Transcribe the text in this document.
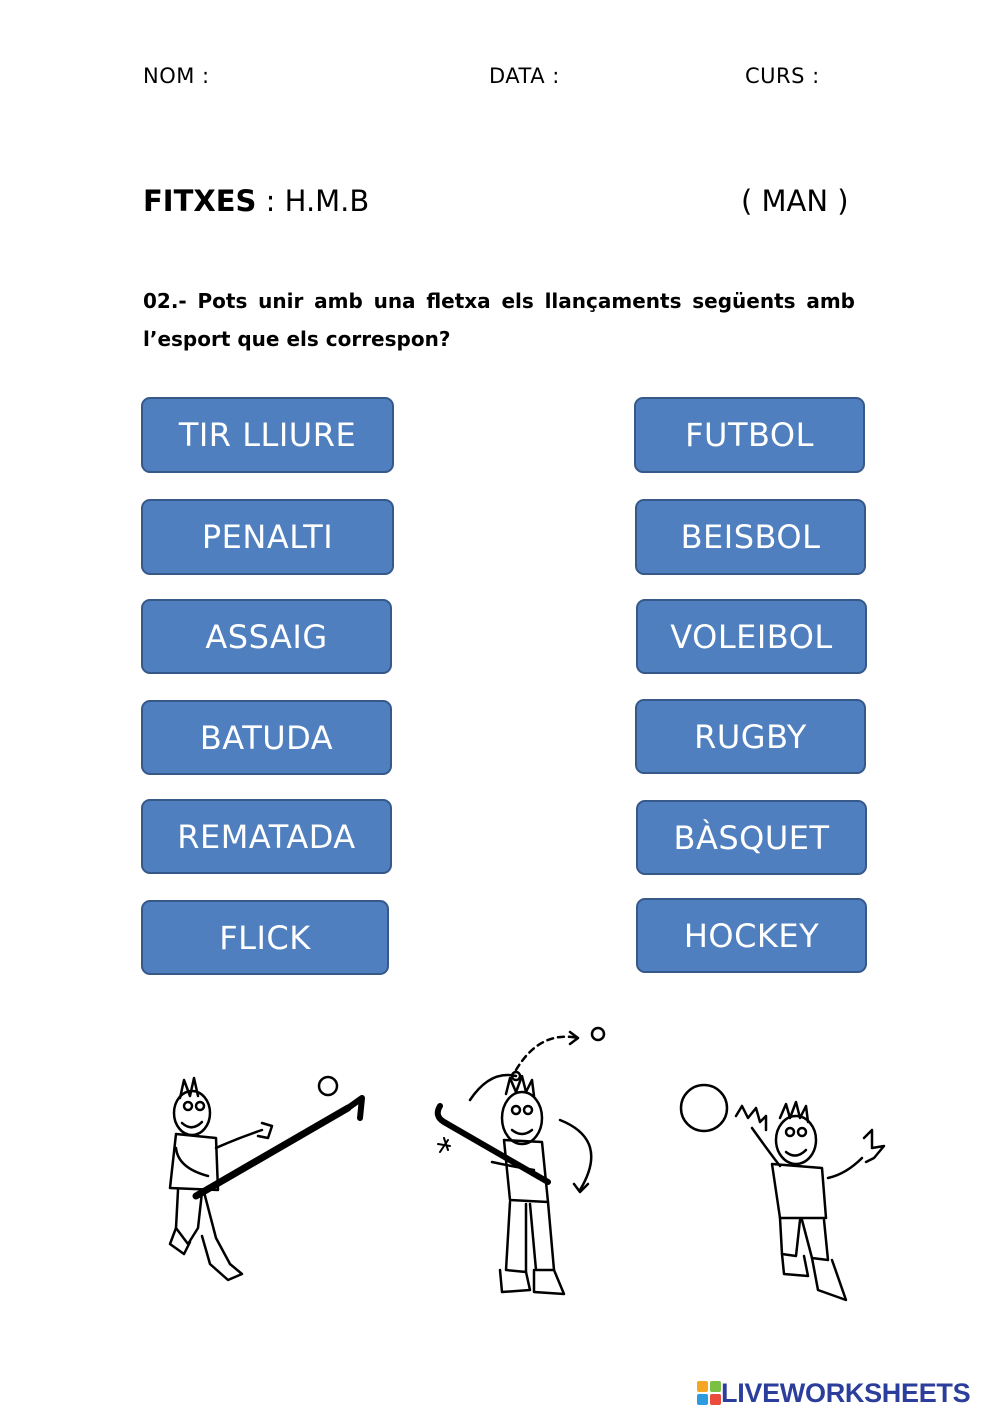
NOM :	DATA :	CURS :
FITXES : H.M.B	( MAN )
02.- Pots unir amb una fletxa els llançaments següents amb l’esport que els correspon?
TIR LLIURE
PENALTI
ASSAIG
BATUDA
REMATADA
FLICK
FUTBOL
BEISBOL
VOLEIBOL
RUGBY
BÀSQUET
HOCKEY
LIVEWORKSHEETS
